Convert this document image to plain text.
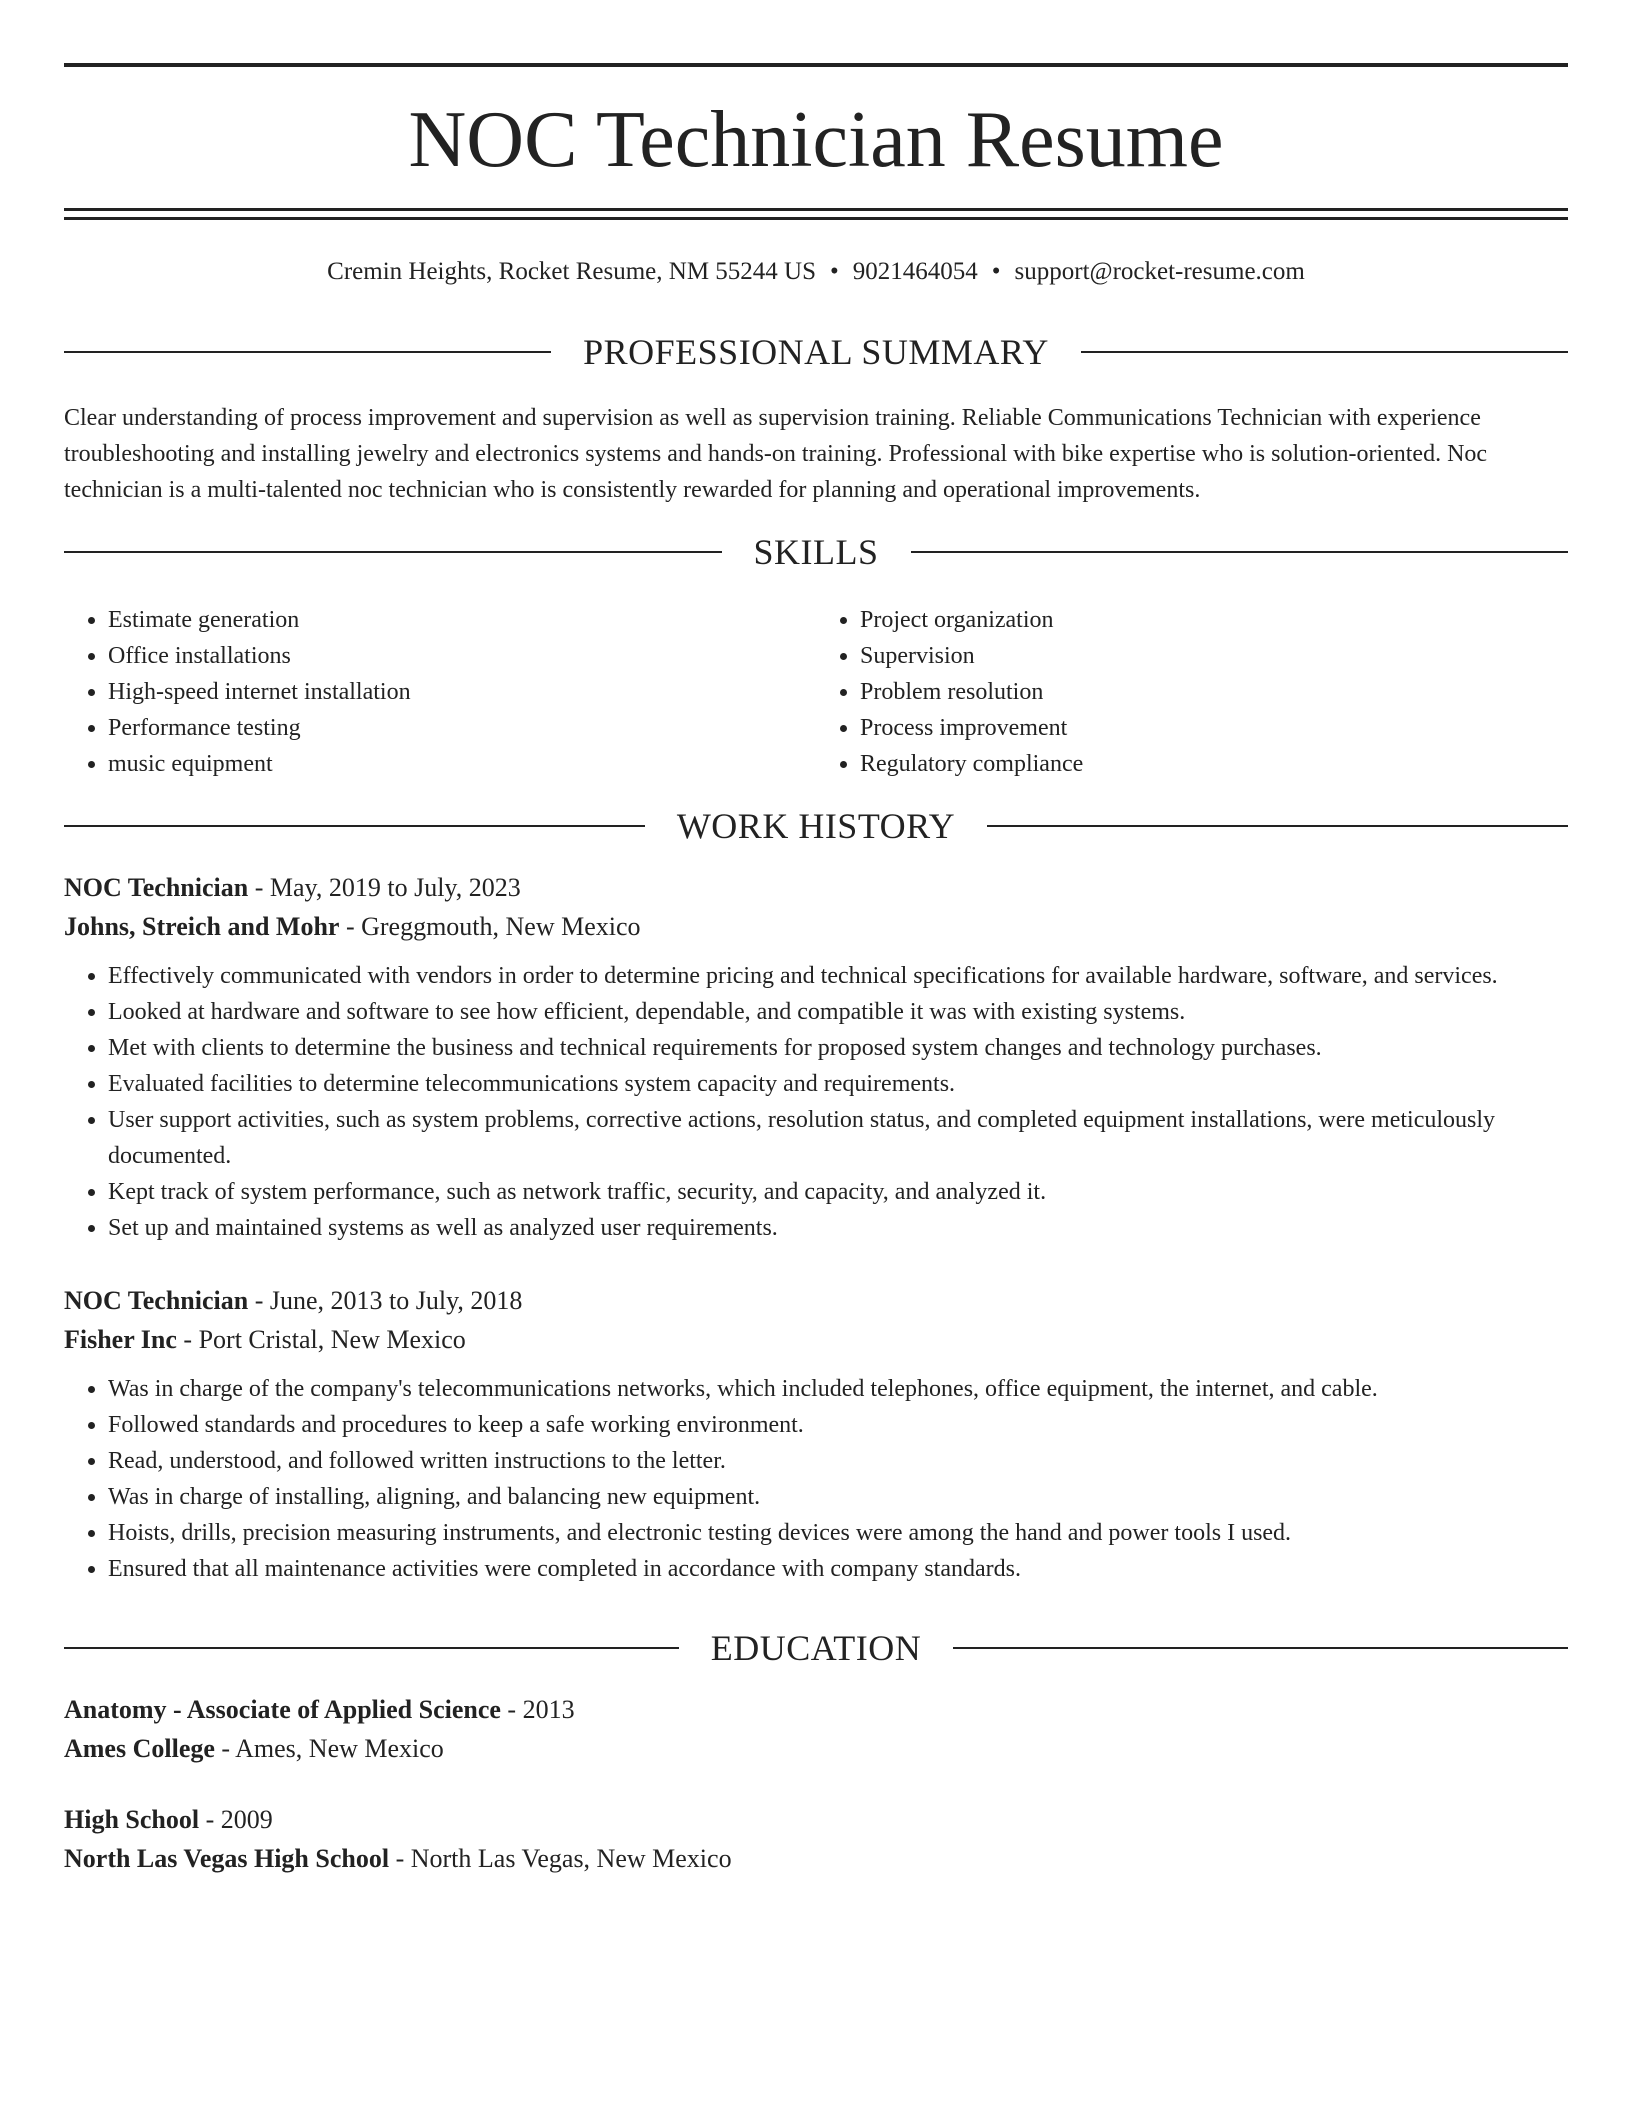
NOC Technician Resume
Cremin Heights, Rocket Resume, NM 55244 US • 9021464054 • support@rocket-resume.com
PROFESSIONAL SUMMARY

Clear understanding of process improvement and supervision as well as supervision training. Reliable Communications Technician with experience troubleshooting and installing jewelry and electronics systems and hands-on training. Professional with bike expertise who is solution-oriented. Noc technician is a multi-talented noc technician who is consistently rewarded for planning and operational improvements.

SKILLS
• Estimate generation
• Office installations
• High-speed internet installation
• Performance testing
• music equipment
• Project organization
• Supervision
• Problem resolution
• Process improvement
• Regulatory compliance
WORK HISTORY
NOC Technician - May, 2019 to July, 2023
Johns, Streich and Mohr - Greggmouth, New Mexico
• Effectively communicated with vendors in order to determine pricing and technical specifications for available hardware, software, and services.
• Looked at hardware and software to see how efficient, dependable, and compatible it was with existing systems.
• Met with clients to determine the business and technical requirements for proposed system changes and technology purchases.
• Evaluated facilities to determine telecommunications system capacity and requirements.
• User support activities, such as system problems, corrective actions, resolution status, and completed equipment installations, were meticulously documented.
• Kept track of system performance, such as network traffic, security, and capacity, and analyzed it.
• Set up and maintained systems as well as analyzed user requirements.
NOC Technician - June, 2013 to July, 2018
Fisher Inc - Port Cristal, New Mexico
• Was in charge of the company's telecommunications networks, which included telephones, office equipment, the internet, and cable.
• Followed standards and procedures to keep a safe working environment.
• Read, understood, and followed written instructions to the letter.
• Was in charge of installing, aligning, and balancing new equipment.
• Hoists, drills, precision measuring instruments, and electronic testing devices were among the hand and power tools I used.
• Ensured that all maintenance activities were completed in accordance with company standards.
EDUCATION
Anatomy - Associate of Applied Science - 2013
Ames College - Ames, New Mexico
High School - 2009
North Las Vegas High School - North Las Vegas, New Mexico
